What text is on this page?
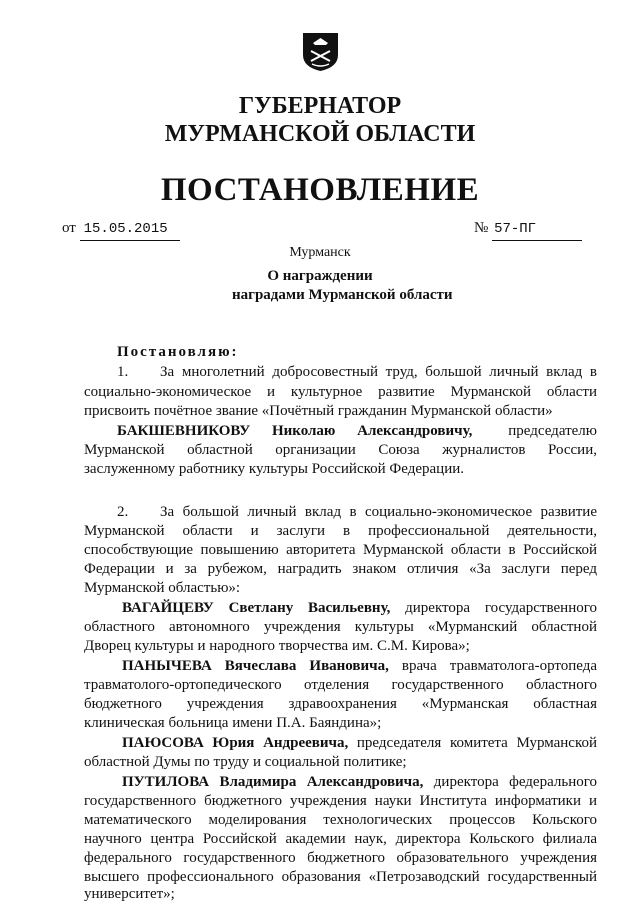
ГУБЕРНАТОР
МУРМАНСКОЙ ОБЛАСТИ
ПОСТАНОВЛЕНИЕ
от 15.05.2015	№ 57-ПГ
Мурманск
О награждении
наградами Мурманской области
Постановляю:
1. За многолетний добросовестный труд, большой личный вклад в
социально-экономическое и культурное развитие Мурманской области
присвоить почётное звание «Почётный гражданин Мурманской области»
БАКШЕВНИКОВУ Николаю Александровичу, председателю
Мурманской областной организации Союза журналистов России,
заслуженному работнику культуры Российской Федерации.
2. За большой личный вклад в социально-экономическое развитие
Мурманской области и заслуги в профессиональной деятельности,
способствующие повышению авторитета Мурманской области в Российской
Федерации и за рубежом, наградить знаком отличия «За заслуги перед
Мурманской областью»:
ВАГАЙЦЕВУ Светлану Васильевну, директора государственного
областного автономного учреждения культуры «Мурманский областной
Дворец культуры и народного творчества им. С.М. Кирова»;
ПАНЫЧЕВА Вячеслава Ивановича, врача травматолога-ортопеда
травматолого-ортопедического отделения государственного областного
бюджетного учреждения здравоохранения «Мурманская областная
клиническая больница имени П.А. Баяндина»;
ПАЮСОВА Юрия Андреевича, председателя комитета Мурманской
областной Думы по труду и социальной политике;
ПУТИЛОВА Владимира Александровича, директора федерального
государственного бюджетного учреждения науки Института информатики и
математического моделирования технологических процессов Кольского
научного центра Российской академии наук, директора Кольского филиала
федерального государственного бюджетного образовательного учреждения
высшего профессионального образования «Петрозаводский государственный
университет»;
